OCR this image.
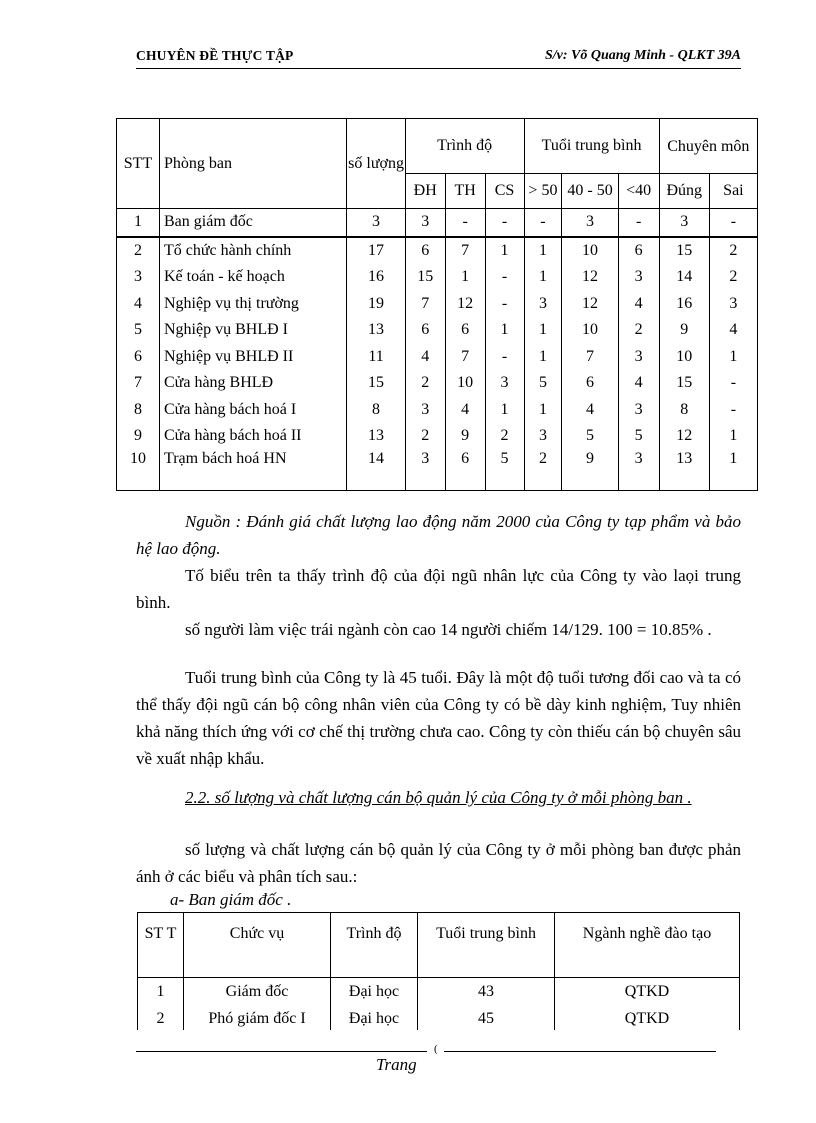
CHUYÊN ĐỀ THỰC TẬP	S/v: Võ Quang Minh - QLKT 39A
STT	Phòng ban	số lượng	Trình độ			Tuổi trung bình			Chuyên môn	
			ĐH	TH	CS	> 50	40 - 50	<40	Đúng	Sai
1	Ban giám đốc	3	3	-	-	-	3	-	3	-
2	Tổ chức hành chính	17	6	7	1	1	10	6	15	2
3	Kế toán - kế hoạch	16	15	1	-	1	12	3	14	2
4	Nghiệp vụ thị trường	19	7	12	-	3	12	4	16	3
5	Nghiệp vụ BHLĐ I	13	6	6	1	1	10	2	9	4
6	Nghiệp vụ BHLĐ II	11	4	7	-	1	7	3	10	1
7	Cửa hàng BHLĐ	15	2	10	3	5	6	4	15	-
8	Cửa hàng bách hoá I	8	3	4	1	1	4	3	8	-
9	Cửa hàng bách hoá II	13	2	9	2	3	5	5	12	1
10	Trạm bách hoá HN	14	3	6	5	2	9	3	13	1
Nguồn : Đánh giá chất lượng lao động năm 2000 của Công ty tạp phẩm và bảo hệ lao động.
Tố biểu trên ta thấy trình độ của đội ngũ nhân lực của Công ty vào laọi trung bình.
số người làm việc trái ngành còn cao 14 người chiếm 14/129. 100 = 10.85% .
Tuổi trung bình của Công ty là 45 tuổi. Đây là một độ tuổi tương đối cao và ta có thể thấy đội ngũ cán bộ công nhân viên của Công ty có bề dày kinh nghiệm, Tuy nhiên khả năng thích ứng với cơ chế thị trường chưa cao. Công ty còn thiếu cán bộ chuyên sâu về xuất nhập khẩu.
2.2. số lượng và chất lượng cán bộ quản lý của Công ty ở mỗi phòng ban .
số lượng và chất lượng cán bộ quản lý của Công ty ở mỗi phòng ban được phản ánh ở các biểu và phân tích sau.:
a- Ban giám đốc .
ST T	Chức vụ	Trình độ	Tuổi trung bình	Ngành nghề đào tạo
1	Giám đốc	Đại học	43	QTKD
2	Phó giám đốc I	Đại học	45	QTKD

(
Trang
